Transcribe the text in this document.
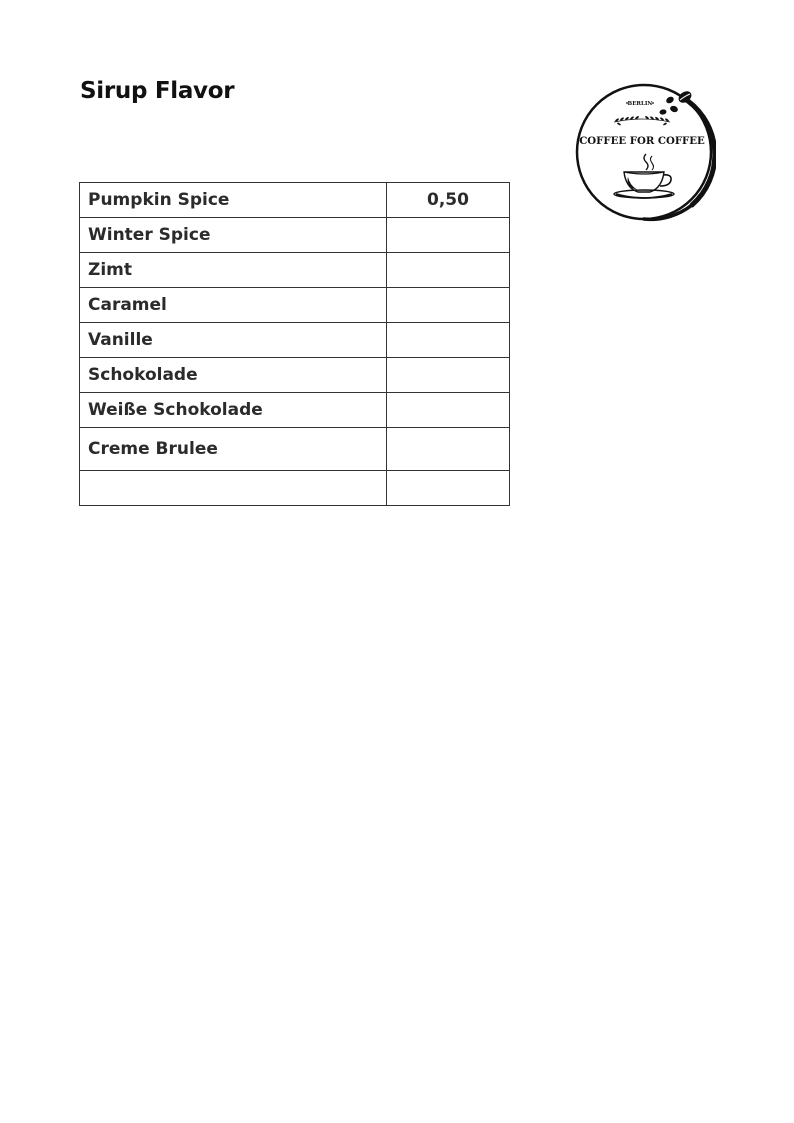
Sirup Flavor	BERLIN
COFFEE FOR COFFEE
Pumpkin Spice	0,50
Winter Spice	
Zimt	
Caramel	
Vanille	
Schokolade	
Weiße Schokolade	
Creme Brulee	
